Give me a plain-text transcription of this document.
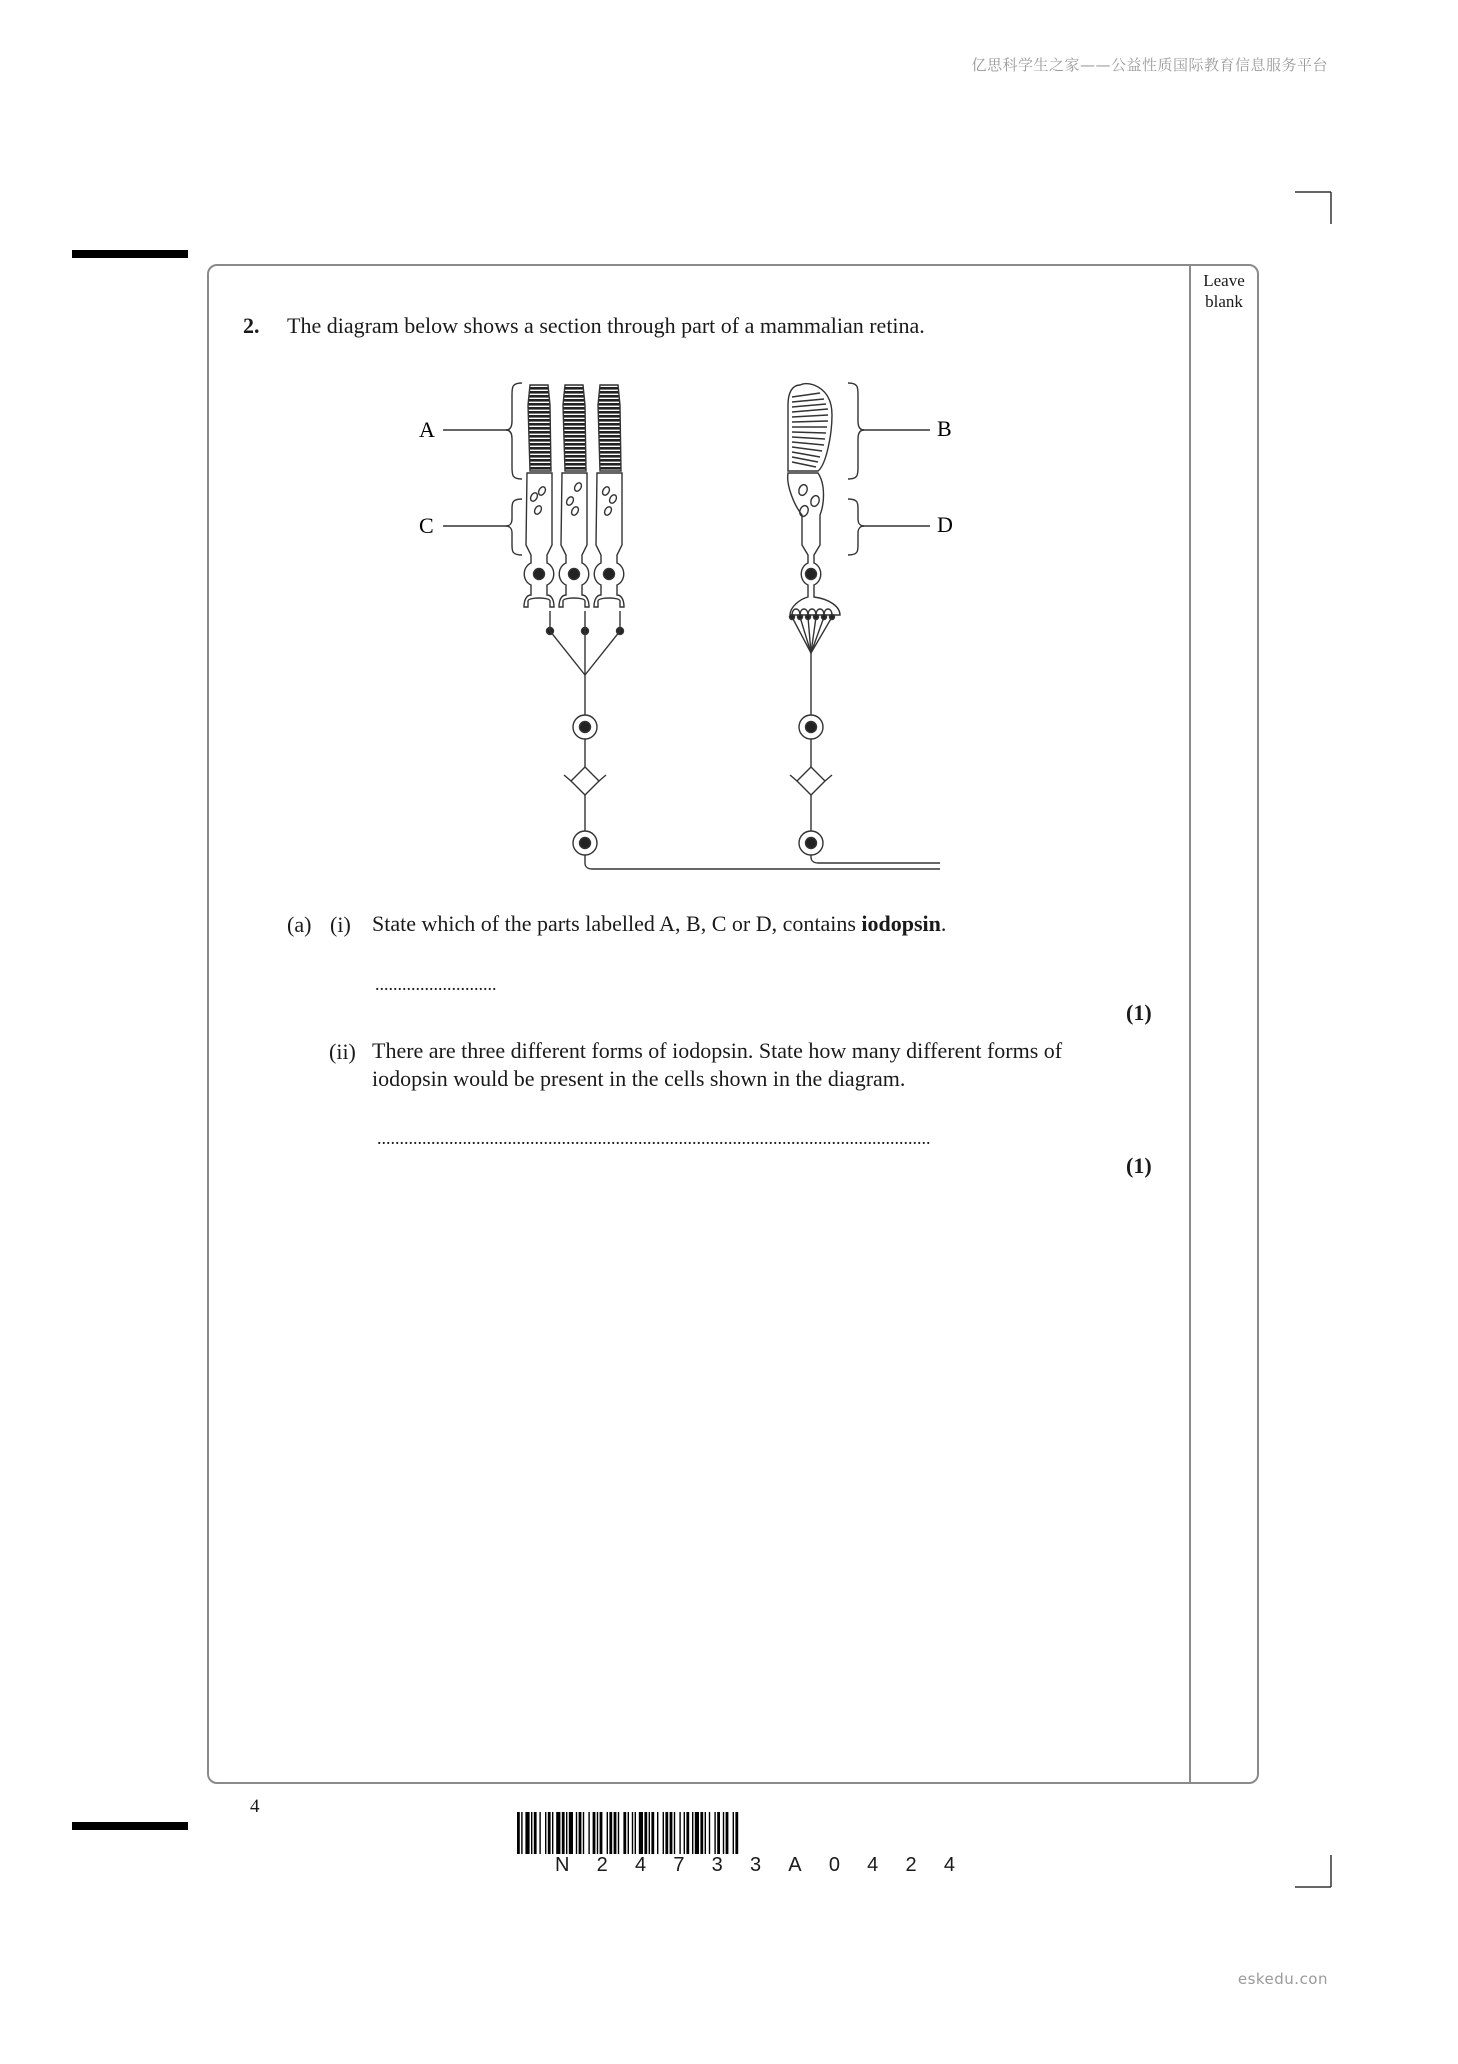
亿思科学生之家——公益性质国际教育信息服务平台
Leave blank
2. The diagram below shows a section through part of a mammalian retina.
A	B
C	D
(a) (i) State which of the parts labelled A, B, C or D, contains iodopsin.
...........................
(1)
(ii) There are three different forms of iodopsin. State how many different forms of
iodopsin would be present in the cells shown in the diagram.
...........................................................................................................................
(1)
4
N 2 4 7 3 3 A 0 4 2 4
eskedu.con
